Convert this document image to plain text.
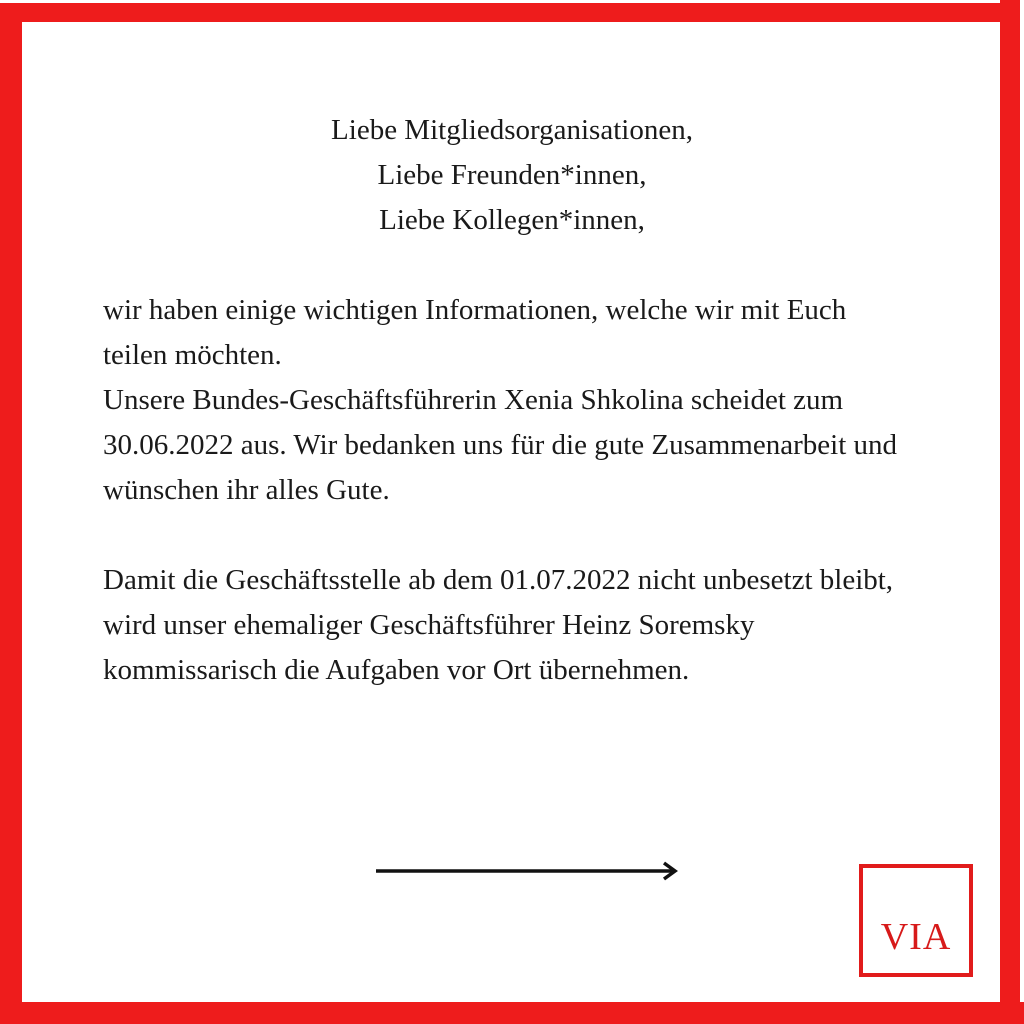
Liebe Mitgliedsorganisationen,
Liebe Freunden*innen,
Liebe Kollegen*innen,
wir haben einige wichtigen Informationen, welche wir mit Euch teilen möchten.

Unsere Bundes-Geschäftsführerin Xenia Shkolina scheidet zum 30.06.2022 aus. Wir bedanken uns für die gute Zusammenarbeit und wünschen ihr alles Gute.

Damit die Geschäftsstelle ab dem 01.07.2022 nicht unbesetzt bleibt, wird unser ehemaliger Geschäftsführer Heinz Soremsky kommissarisch die Aufgaben vor Ort übernehmen.

VIA
